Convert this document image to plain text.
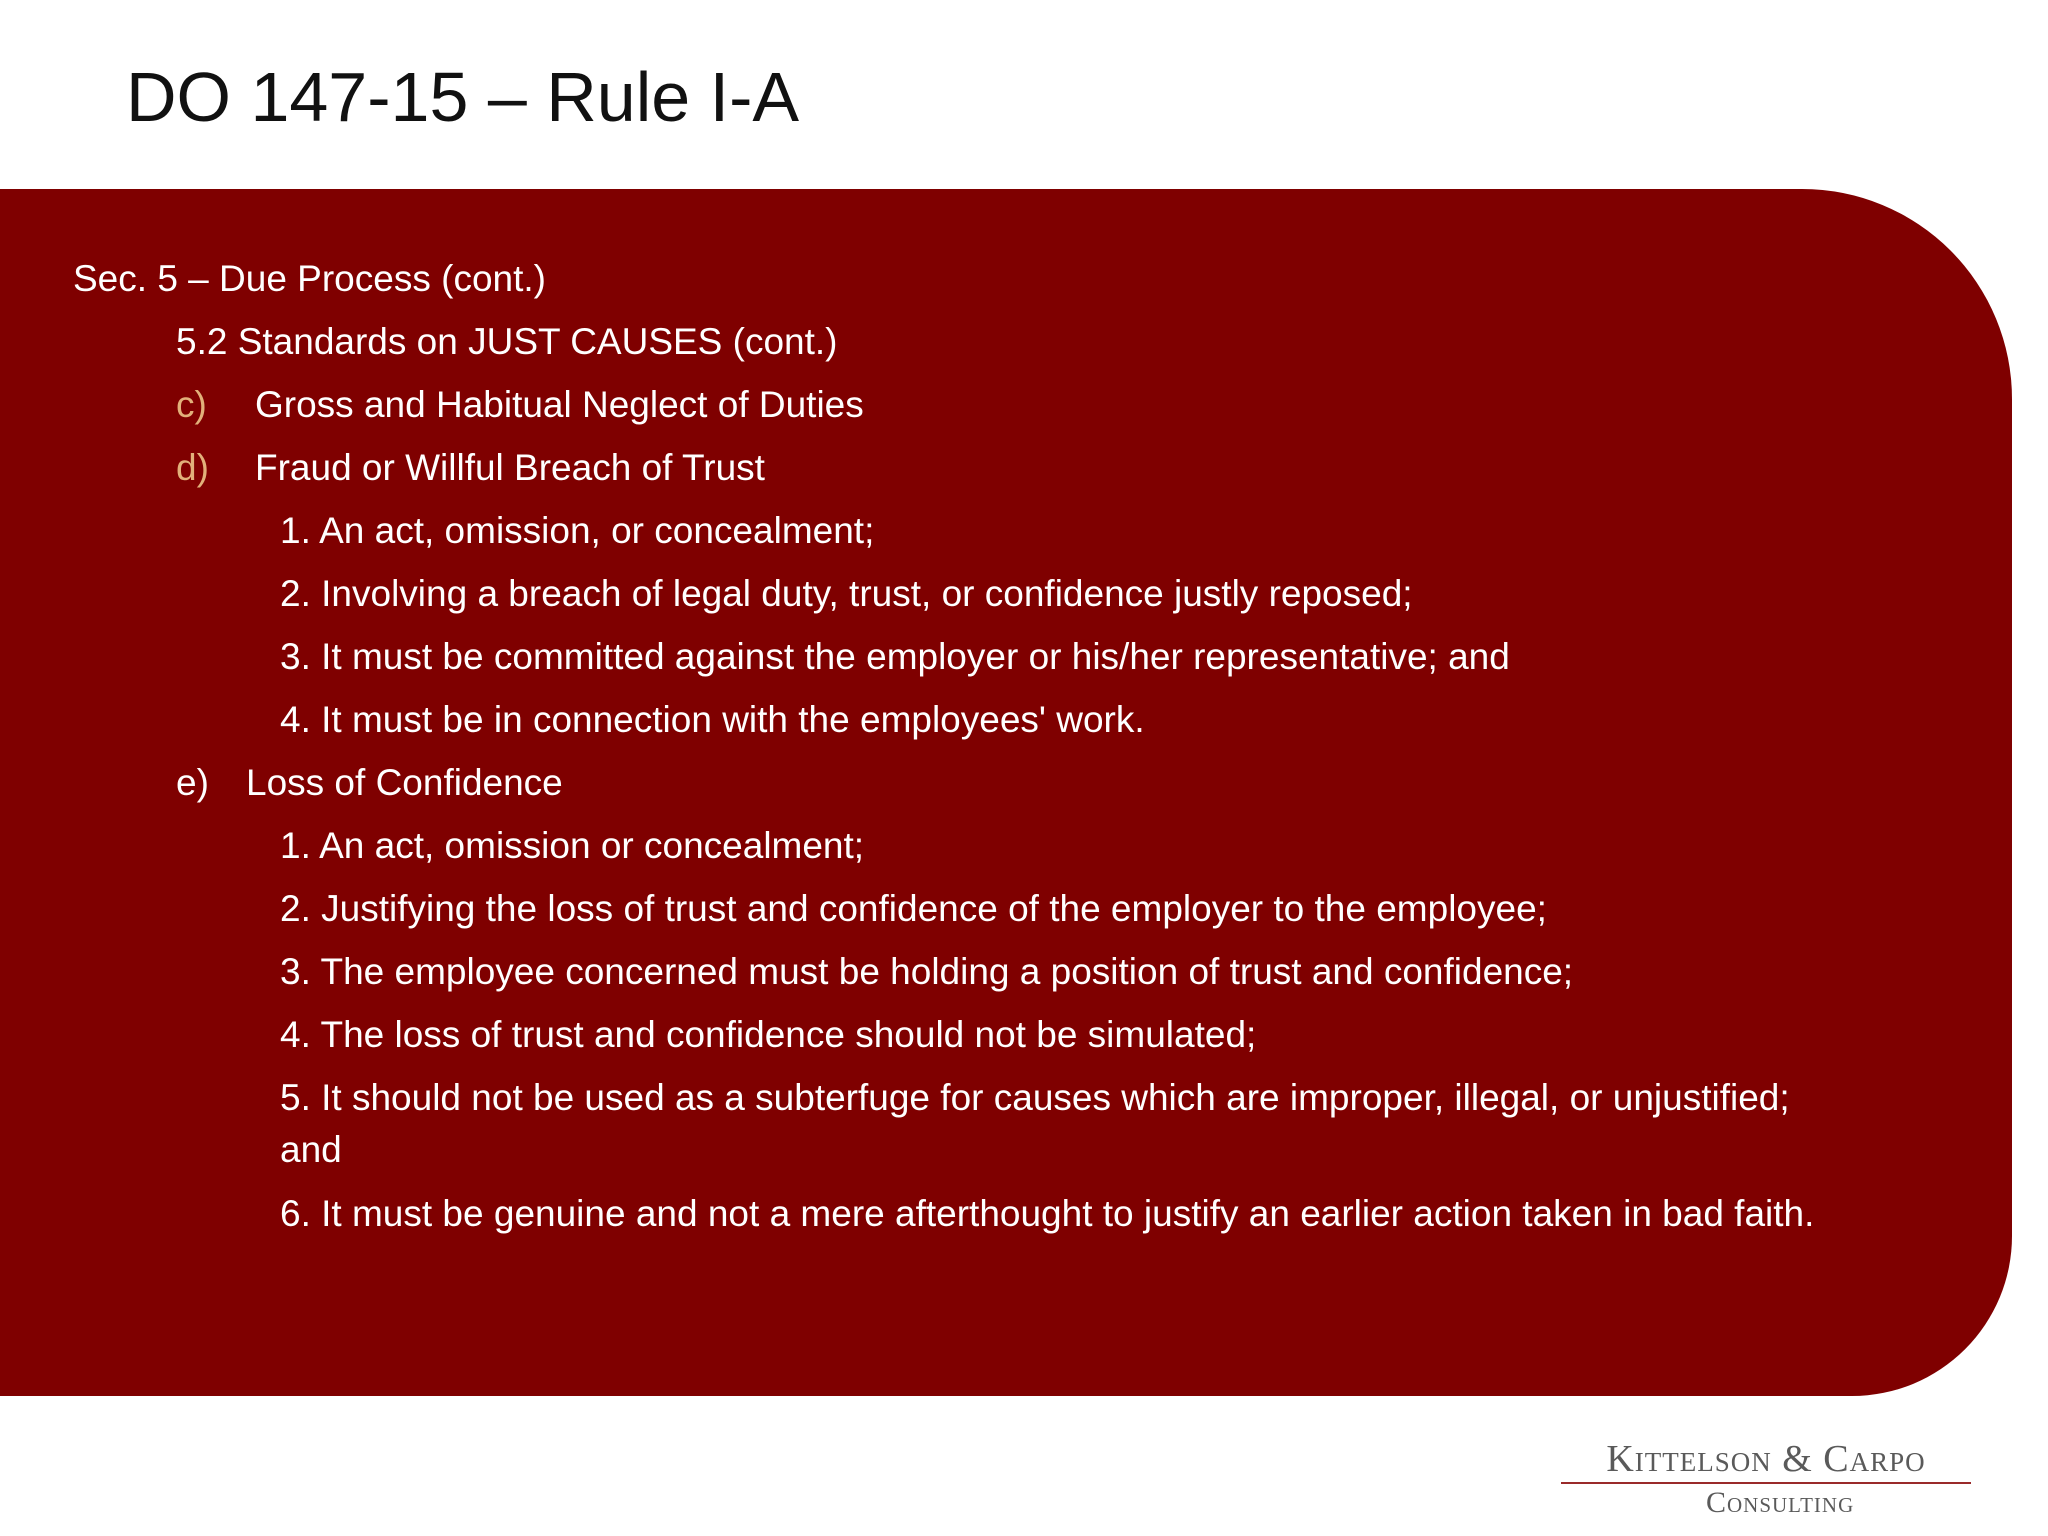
DO 147-15 – Rule I-A
Sec. 5 – Due Process (cont.)
5.2 Standards on JUST CAUSES (cont.)
c) Gross and Habitual Neglect of Duties
d) Fraud or Willful Breach of Trust
1. An act, omission, or concealment;
2. Involving a breach of legal duty, trust, or confidence justly reposed;
3. It must be committed against the employer or his/her representative; and
4. It must be in connection with the employees' work.
e) Loss of Confidence
1. An act, omission or concealment;
2. Justifying the loss of trust and confidence of the employer to the employee;
3. The employee concerned must be holding a position of trust and confidence;
4. The loss of trust and confidence should not be simulated;
5. It should not be used as a subterfuge for causes which are improper, illegal, or unjustified; and
6. It must be genuine and not a mere afterthought to justify an earlier action taken in bad faith.
Kittelson & Carpo
Consulting
